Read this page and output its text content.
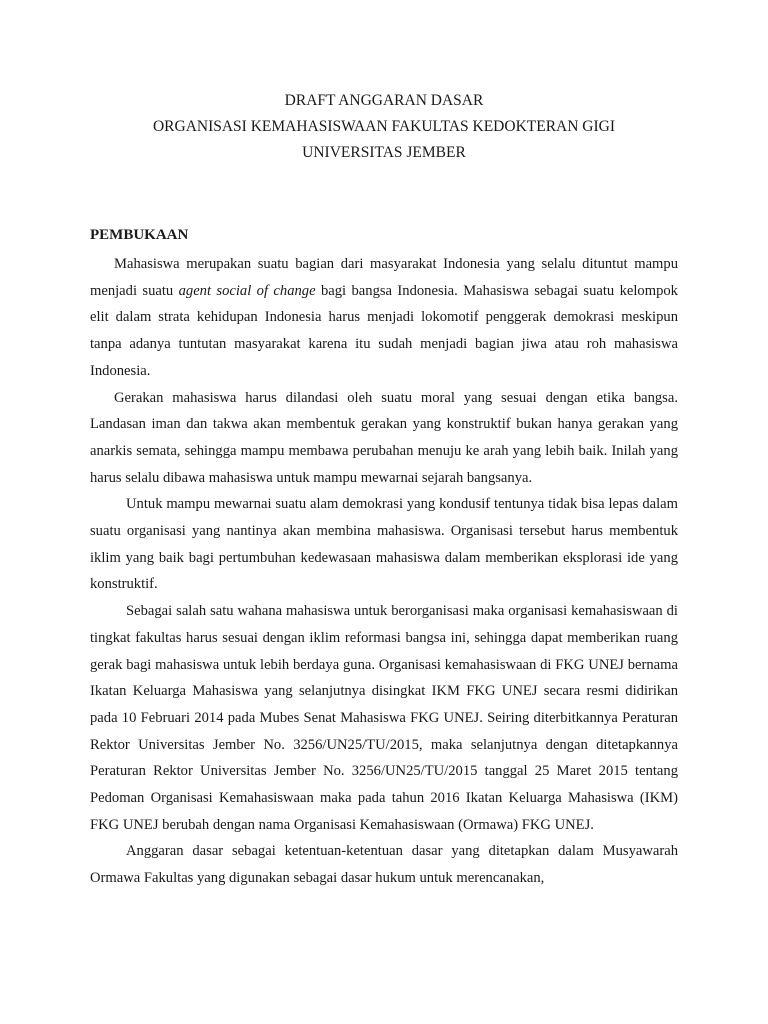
DRAFT ANGGARAN DASAR
ORGANISASI KEMAHASISWAAN FAKULTAS KEDOKTERAN GIGI
UNIVERSITAS JEMBER
PEMBUKAAN

Mahasiswa merupakan suatu bagian dari masyarakat Indonesia yang selalu dituntut mampu menjadi suatu agent social of change bagi bangsa Indonesia. Mahasiswa sebagai suatu kelompok elit dalam strata kehidupan Indonesia harus menjadi lokomotif penggerak demokrasi meskipun tanpa adanya tuntutan masyarakat karena itu sudah menjadi bagian jiwa atau roh mahasiswa Indonesia.

Gerakan mahasiswa harus dilandasi oleh suatu moral yang sesuai dengan etika bangsa. Landasan iman dan takwa akan membentuk gerakan yang konstruktif bukan hanya gerakan yang anarkis semata, sehingga mampu membawa perubahan menuju ke arah yang lebih baik. Inilah yang harus selalu dibawa mahasiswa untuk mampu mewarnai sejarah bangsanya.

Untuk mampu mewarnai suatu alam demokrasi yang kondusif tentunya tidak bisa lepas dalam suatu organisasi yang nantinya akan membina mahasiswa. Organisasi tersebut harus membentuk iklim yang baik bagi pertumbuhan kedewasaan mahasiswa dalam memberikan eksplorasi ide yang konstruktif.

Sebagai salah satu wahana mahasiswa untuk berorganisasi maka organisasi kemahasiswaan di tingkat fakultas harus sesuai dengan iklim reformasi bangsa ini, sehingga dapat memberikan ruang gerak bagi mahasiswa untuk lebih berdaya guna. Organisasi kemahasiswaan di FKG UNEJ bernama Ikatan Keluarga Mahasiswa yang selanjutnya disingkat IKM FKG UNEJ secara resmi didirikan pada 10 Februari 2014 pada Mubes Senat Mahasiswa FKG UNEJ. Seiring diterbitkannya Peraturan Rektor Universitas Jember No. 3256/UN25/TU/2015, maka selanjutnya dengan ditetapkannya Peraturan Rektor Universitas Jember No. 3256/UN25/TU/2015 tanggal 25 Maret 2015 tentang Pedoman Organisasi Kemahasiswaan maka pada tahun 2016 Ikatan Keluarga Mahasiswa (IKM) FKG UNEJ berubah dengan nama Organisasi Kemahasiswaan (Ormawa) FKG UNEJ.

Anggaran dasar sebagai ketentuan-ketentuan dasar yang ditetapkan dalam Musyawarah Ormawa Fakultas yang digunakan sebagai dasar hukum untuk merencanakan,
